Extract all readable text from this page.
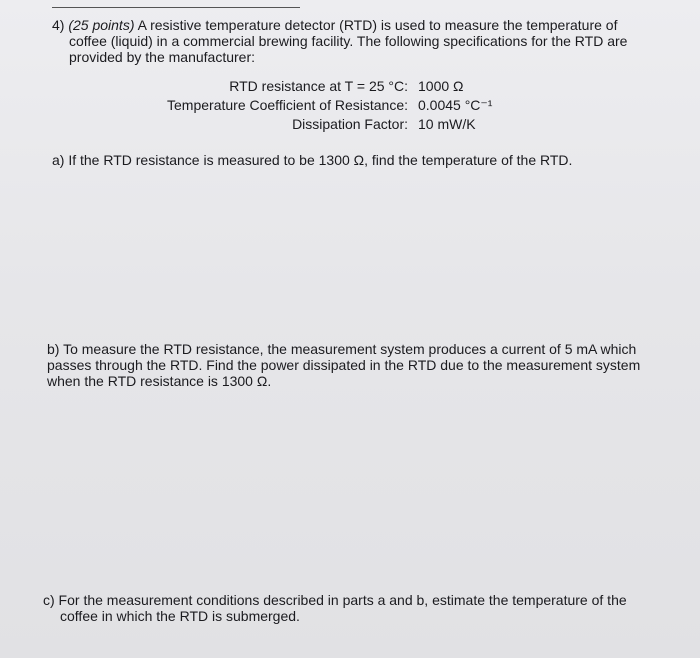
4) (25 points) A resistive temperature detector (RTD) is used to measure the temperature of
coffee (liquid) in a commercial brewing facility. The following specifications for the RTD are
provided by the manufacturer:
RTD resistance at T = 25 °C:
Temperature Coefficient of Resistance:
Dissipation Factor:
1000 Ω
0.0045 °C⁻¹
10 mW/K
a) If the RTD resistance is measured to be 1300 Ω, find the temperature of the RTD.
b) To measure the RTD resistance, the measurement system produces a current of 5 mA which
passes through the RTD. Find the power dissipated in the RTD due to the measurement system
when the RTD resistance is 1300 Ω.
c) For the measurement conditions described in parts a and b, estimate the temperature of the
coffee in which the RTD is submerged.
